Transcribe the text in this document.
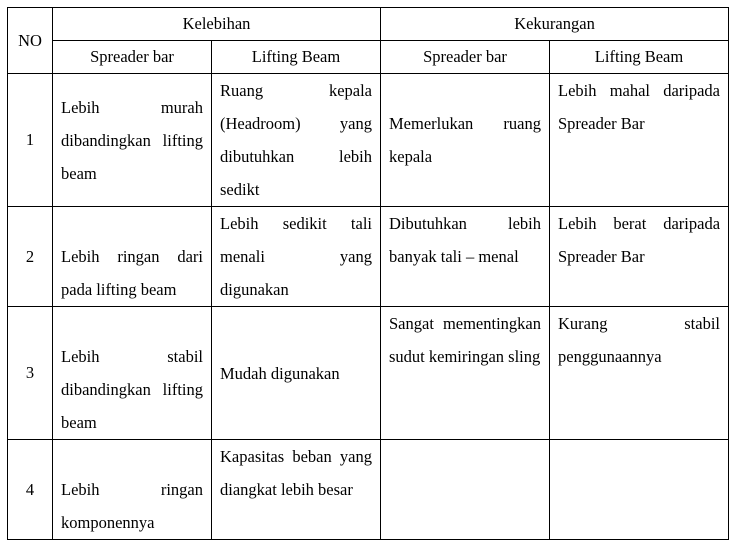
NO	Kelebihan		Kekurangan	
	Spreader bar	Lifting Beam	Spreader bar	Lifting Beam
1	Lebih murah dibandingkan lifting beam	Ruang kepala (Headroom) yang dibutuhkan lebih sedikt	Memerlukan ruang kepala	Lebih mahal daripada Spreader Bar
2	Lebih ringan dari pada lifting beam	Lebih sedikit tali menali yang digunakan	Dibutuhkan lebih banyak tali – menal	Lebih berat daripada Spreader Bar
3	Lebih stabil dibandingkan lifting beam	Mudah digunakan	Sangat mementingkan sudut kemiringan sling	Kurang stabil penggunaannya
4	Lebih ringan komponennya	Kapasitas beban yang diangkat lebih besar		
